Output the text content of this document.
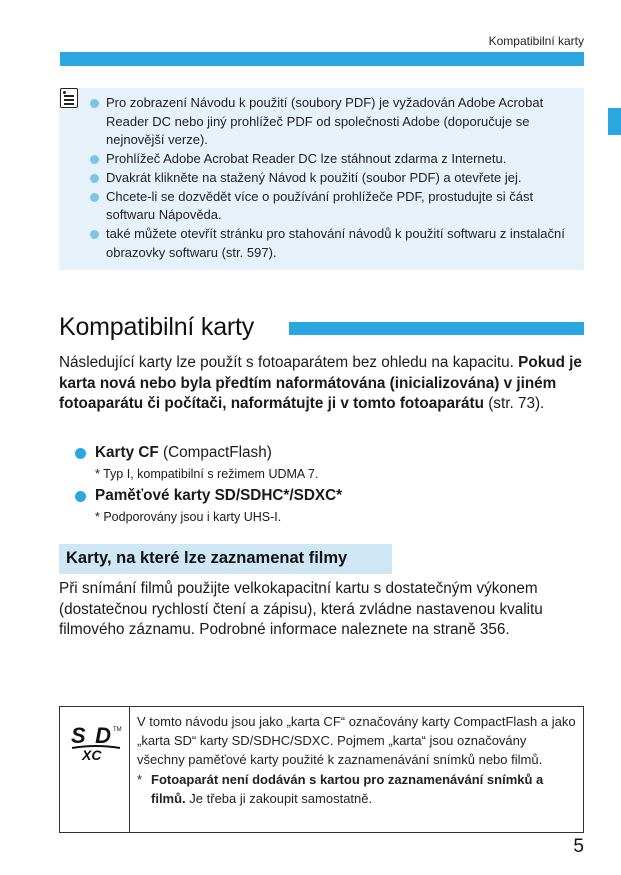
Kompatibilní karty
Pro zobrazení Návodu k použití (soubory PDF) je vyžadován Adobe Acrobat Reader DC nebo jiný prohlížeč PDF od společnosti Adobe (doporučuje se nejnovější verze).
Prohlížeč Adobe Acrobat Reader DC lze stáhnout zdarma z Internetu.
Dvakrát klikněte na stažený Návod k použití (soubor PDF) a otevřete jej.
Chcete-li se dozvědět více o používání prohlížeče PDF, prostudujte si část softwaru Nápověda.
také můžete otevřít stránku pro stahování návodů k použití softwaru z instalační obrazovky softwaru (str. 597).
Kompatibilní karty
Následující karty lze použít s fotoaparátem bez ohledu na kapacitu. Pokud je karta nová nebo byla předtím naformátována (inicializována) v jiném fotoaparátu či počítači, naformátujte ji v tomto fotoaparátu (str. 73).
Karty CF (CompactFlash)
* Typ I, kompatibilní s režimem UDMA 7.
Paměťové karty SD/SDHC*/SDXC*
* Podporovány jsou i karty UHS-I.
Karty, na které lze zaznamenat filmy
Při snímání filmů použijte velkokapacitní kartu s dostatečným výkonem (dostatečnou rychlostí čtení a zápisu), která zvládne nastavenou kvalitu filmového záznamu. Podrobné informace naleznete na straně 356.
SD TM
XC
V tomto návodu jsou jako „karta CF“ označovány karty CompactFlash a jako „karta SD“ karty SD/SDHC/SDXC. Pojmem „karta“ jsou označovány všechny paměťové karty použité k zaznamenávání snímků nebo filmů.
* Fotoaparát není dodáván s kartou pro zaznamenávání snímků a filmů. Je třeba ji zakoupit samostatně.
5
